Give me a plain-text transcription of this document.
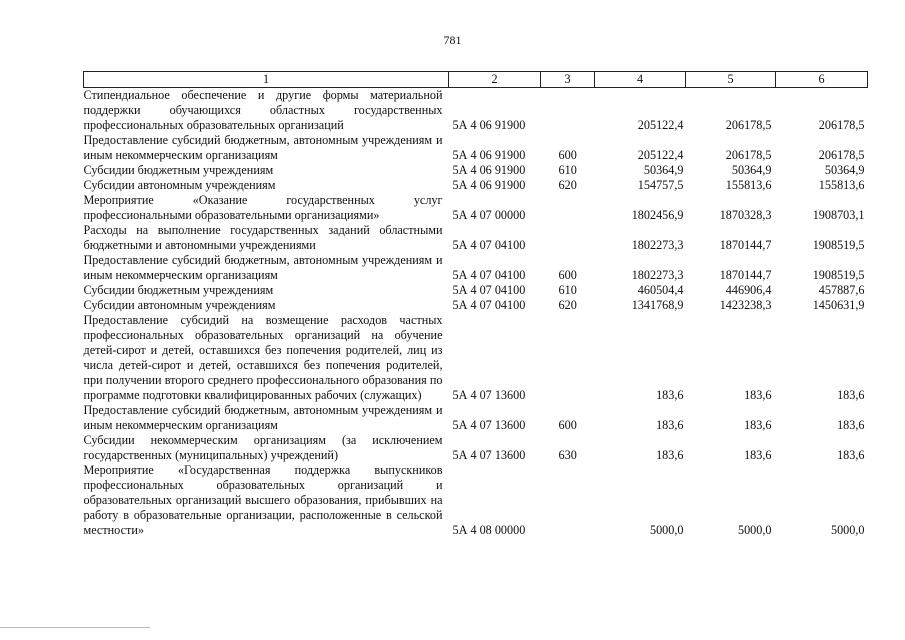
781
1	2	3	4	5	6
Стипендиальное обеспечение и другие формы материальной поддержки обучающихся областных государственных профессиональных образовательных организаций	5А 4 06 91900		205122,4	206178,5	206178,5
Предоставление субсидий бюджетным, автономным учреждениям и иным некоммерческим организациям	5А 4 06 91900	600	205122,4	206178,5	206178,5
Субсидии бюджетным учреждениям	5А 4 06 91900	610	50364,9	50364,9	50364,9
Субсидии автономным учреждениям	5А 4 06 91900	620	154757,5	155813,6	155813,6
Мероприятие «Оказание государственных услуг профессиональными образовательными организациями»	5А 4 07 00000		1802456,9	1870328,3	1908703,1
Расходы на выполнение государственных заданий областными бюджетными и автономными учреждениями	5А 4 07 04100		1802273,3	1870144,7	1908519,5
Предоставление субсидий бюджетным, автономным учреждениям и иным некоммерческим организациям	5А 4 07 04100	600	1802273,3	1870144,7	1908519,5
Субсидии бюджетным учреждениям	5А 4 07 04100	610	460504,4	446906,4	457887,6
Субсидии автономным учреждениям	5А 4 07 04100	620	1341768,9	1423238,3	1450631,9
Предоставление субсидий на возмещение расходов частных профессиональных образовательных организаций на обучение детей-сирот и детей, оставшихся без попечения родителей, лиц из числа детей-сирот и детей, оставшихся без попечения родителей, при получении второго среднего профессионального образования по программе подготовки квалифицированных рабочих (служащих)	5А 4 07 13600		183,6	183,6	183,6
Предоставление субсидий бюджетным, автономным учреждениям и иным некоммерческим организациям	5А 4 07 13600	600	183,6	183,6	183,6
Субсидии некоммерческим организациям (за исключением государственных (муниципальных) учреждений)	5А 4 07 13600	630	183,6	183,6	183,6
Мероприятие «Государственная поддержка выпускников профессиональных образовательных организаций и образовательных организаций высшего образования, прибывших на работу в образовательные организации, расположенные в сельской местности»	5А 4 08 00000		5000,0	5000,0	5000,0
